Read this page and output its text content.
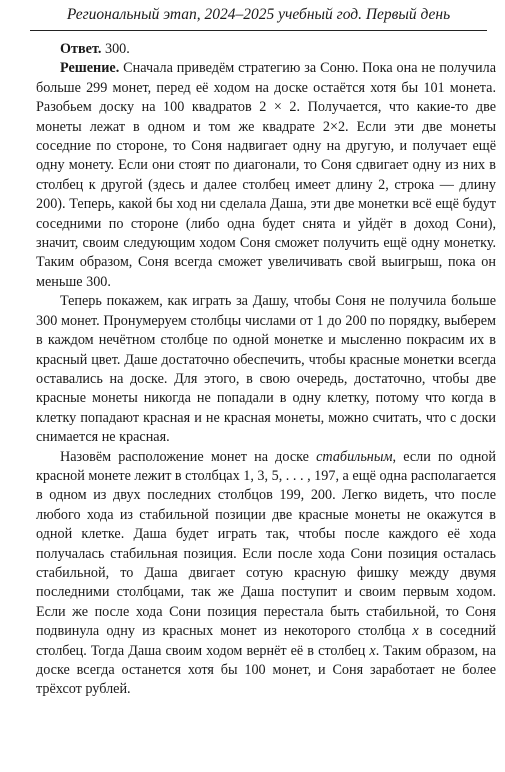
Региональный этап, 2024–2025 учебный год. Первый день

Ответ. 300.

Решение. Сначала приведём стратегию за Соню. Пока она не получила больше 299 монет, перед её ходом на доске остаётся хотя бы 101 монета. Разобьем доску на 100 квадратов 2 × 2. Получается, что какие-то две монеты лежат в одном и том же квадрате 2×2. Если эти две монеты соседние по стороне, то Соня надвигает одну на другую, и получает ещё одну монету. Если они стоят по диагонали, то Соня сдвигает одну из них в столбец к другой (здесь и далее столбец имеет длину 2, строка — длину 200). Теперь, какой бы ход ни сделала Даша, эти две монетки всё ещё будут соседними по стороне (либо одна будет снята и уйдёт в доход Сони), значит, своим следующим ходом Соня сможет получить ещё одну монетку. Таким образом, Соня всегда сможет увеличивать свой выигрыш, пока он меньше 300.

Теперь покажем, как играть за Дашу, чтобы Соня не получила больше 300 монет. Пронумеруем столбцы числами от 1 до 200 по порядку, выберем в каждом нечётном столбце по одной монетке и мысленно покрасим их в красный цвет. Даше достаточно обеспечить, чтобы красные монетки всегда оставались на доске. Для этого, в свою очередь, достаточно, чтобы две красные монеты никогда не попадали в одну клетку, потому что когда в клетку попадают красная и не красная монеты, можно считать, что с доски снимается не красная.

Назовём расположение монет на доске стабильным, если по одной красной монете лежит в столбцах 1, 3, 5, . . . , 197, а ещё одна располагается в одном из двух последних столбцов 199, 200. Легко видеть, что после любого хода из стабильной позиции две красные монеты не окажутся в одной клетке. Даша будет играть так, чтобы после каждого её хода получалась стабильная позиция. Если после хода Сони позиция осталась стабильной, то Даша двигает сотую красную фишку между двумя последними столбцами, так же Даша поступит и своим первым ходом. Если же после хода Сони позиция перестала быть стабильной, то Соня подвинула одну из красных монет из некоторого столбца x в соседний столбец. Тогда Даша своим ходом вернёт её в столбец x. Таким образом, на доске всегда останется хотя бы 100 монет, и Соня заработает не более трёхсот рублей.
